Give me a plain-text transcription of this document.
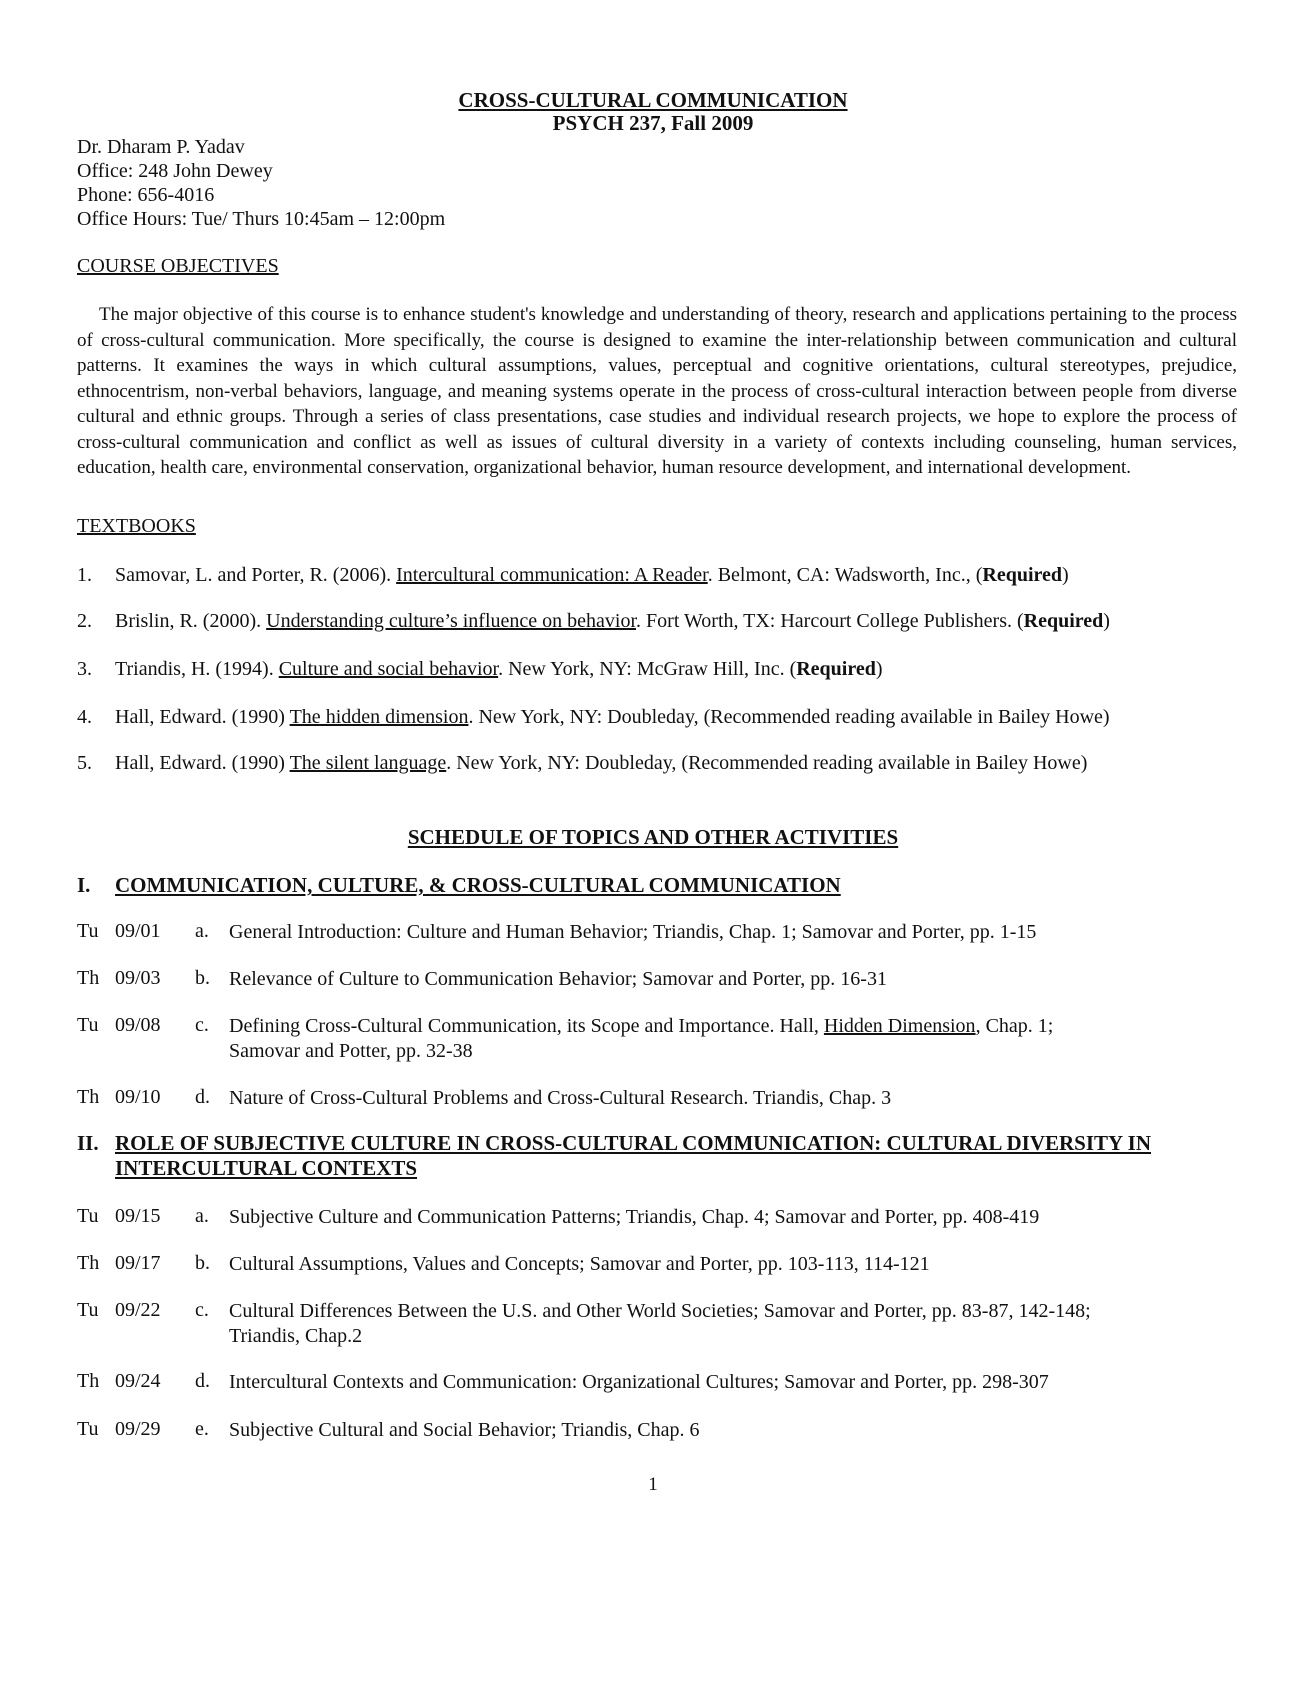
CROSS-CULTURAL COMMUNICATION
PSYCH 237, Fall 2009
Dr. Dharam P. Yadav
Office: 248 John Dewey
Phone: 656-4016
Office Hours: Tue/ Thurs 10:45am – 12:00pm
COURSE OBJECTIVES
The major objective of this course is to enhance student's knowledge and understanding of theory, research and applications pertaining to the process of cross-cultural communication. More specifically, the course is designed to examine the inter-relationship between communication and cultural patterns. It examines the ways in which cultural assumptions, values, perceptual and cognitive orientations, cultural stereotypes, prejudice, ethnocentrism, non-verbal behaviors, language, and meaning systems operate in the process of cross-cultural interaction between people from diverse cultural and ethnic groups. Through a series of class presentations, case studies and individual research projects, we hope to explore the process of cross-cultural communication and conflict as well as issues of cultural diversity in a variety of contexts including counseling, human services, education, health care, environmental conservation, organizational behavior, human resource development, and international development.
TEXTBOOKS
1. Samovar, L. and Porter, R. (2006). Intercultural communication: A Reader. Belmont, CA: Wadsworth, Inc., (Required)
2. Brislin, R. (2000). Understanding culture’s influence on behavior. Fort Worth, TX: Harcourt College Publishers. (Required)
3. Triandis, H. (1994). Culture and social behavior. New York, NY: McGraw Hill, Inc. (Required)
4. Hall, Edward. (1990) The hidden dimension. New York, NY: Doubleday, (Recommended reading available in Bailey Howe)
5. Hall, Edward. (1990) The silent language. New York, NY: Doubleday, (Recommended reading available in Bailey Howe)
SCHEDULE OF TOPICS AND OTHER ACTIVITIES
I. COMMUNICATION, CULTURE, & CROSS-CULTURAL COMMUNICATION
Tu 09/01 a. General Introduction: Culture and Human Behavior; Triandis, Chap. 1; Samovar and Porter, pp. 1-15
Th 09/03 b. Relevance of Culture to Communication Behavior; Samovar and Porter, pp. 16-31
Tu 09/08 c. Defining Cross-Cultural Communication, its Scope and Importance. Hall, Hidden Dimension, Chap. 1; Samovar and Potter, pp. 32-38
Th 09/10 d. Nature of Cross-Cultural Problems and Cross-Cultural Research. Triandis, Chap. 3
II. ROLE OF SUBJECTIVE CULTURE IN CROSS-CULTURAL COMMUNICATION: CULTURAL DIVERSITY IN INTERCULTURAL CONTEXTS
Tu 09/15 a. Subjective Culture and Communication Patterns; Triandis, Chap. 4; Samovar and Porter, pp. 408-419
Th 09/17 b. Cultural Assumptions, Values and Concepts; Samovar and Porter, pp. 103-113, 114-121
Tu 09/22 c. Cultural Differences Between the U.S. and Other World Societies; Samovar and Porter, pp. 83-87, 142-148; Triandis, Chap.2
Th 09/24 d. Intercultural Contexts and Communication: Organizational Cultures; Samovar and Porter, pp. 298-307
Tu 09/29 e. Subjective Cultural and Social Behavior; Triandis, Chap. 6
1
